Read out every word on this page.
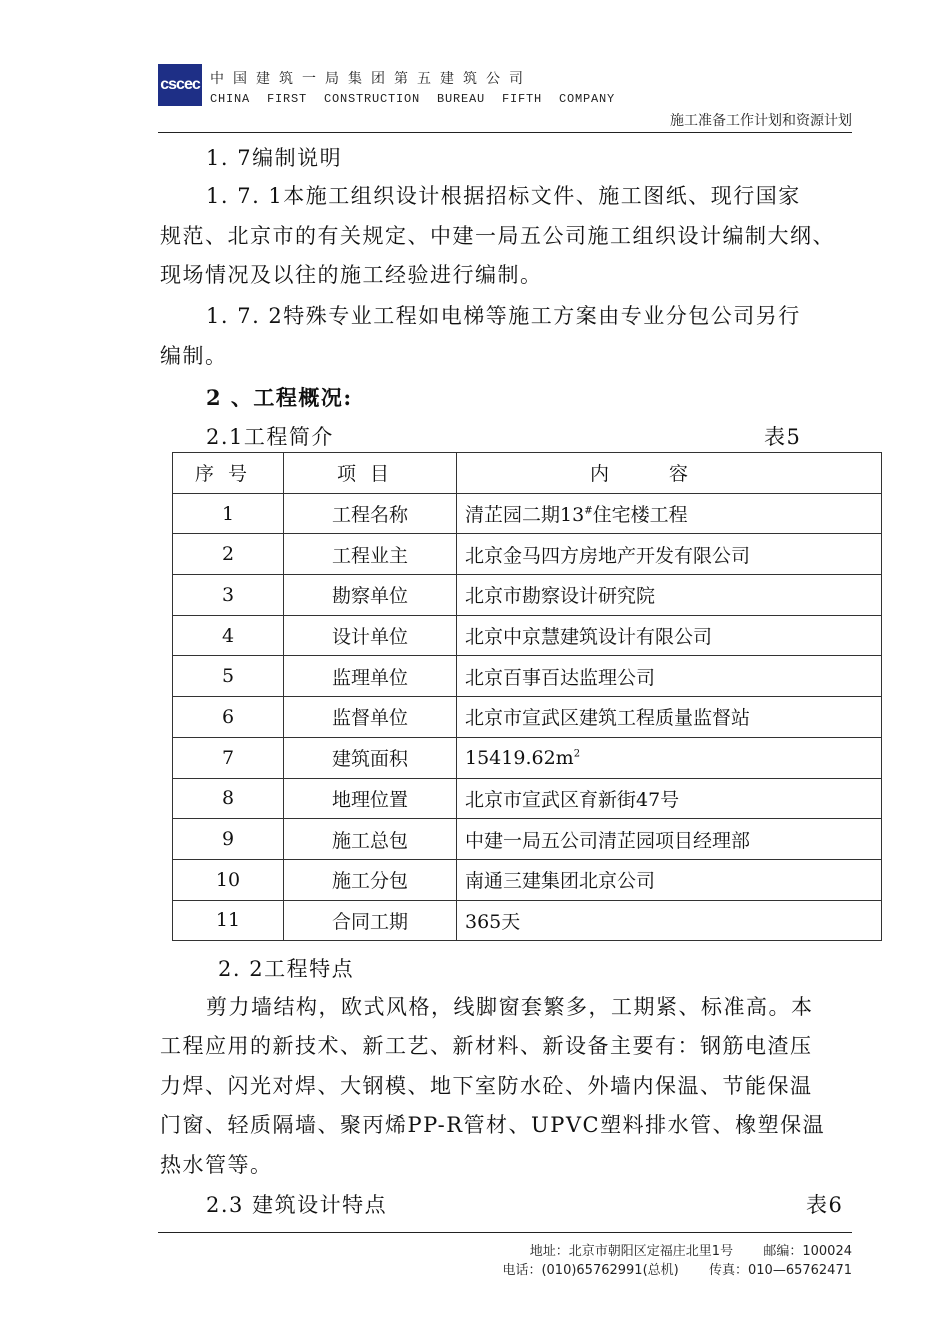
cscec 中国建筑一局集团第五建筑公司
CHINA FIRST CONSTRUCTION BUREAU FIFTH COMPANY
施工准备工作计划和资源计划
1. 7编制说明
1. 7. 1本施工组织设计根据招标文件、施工图纸、现行国家
规范、北京市的有关规定、中建一局五公司施工组织设计编制大纲、
现场情况及以往的施工经验进行编制。
1. 7. 2特殊专业工程如电梯等施工方案由专业分包公司另行
编制。
2 、工程概况:
2.1工程简介	表5
序号	项目	内容
1	工程名称	清芷园二期13#住宅楼工程
2	工程业主	北京金马四方房地产开发有限公司
3	勘察单位	北京市勘察设计研究院
4	设计单位	北京中京慧建筑设计有限公司
5	监理单位	北京百事百达监理公司
6	监督单位	北京市宣武区建筑工程质量监督站
7	建筑面积	$15419.62m^2$
8	地理位置	北京市宣武区育新街47号
9	施工总包	中建一局五公司清芷园项目经理部
10	施工分包	南通三建集团北京公司
11	合同工期	365天
2. 2工程特点
剪力墙结构，欧式风格，线脚窗套繁多，工期紧、标准高。本
工程应用的新技术、新工艺、新材料、新设备主要有：钢筋电渣压
力焊、闪光对焊、大钢模、地下室防水砼、外墙内保温、节能保温
门窗、轻质隔墙、聚丙烯PP-R管材、UPVC塑料排水管、橡塑保温
热水管等。
2.3 建筑设计特点	表6
地址：北京市朝阳区定福庄北里1号 邮编：100024
电话：(010)65762991(总机) 传真：010—65762471
